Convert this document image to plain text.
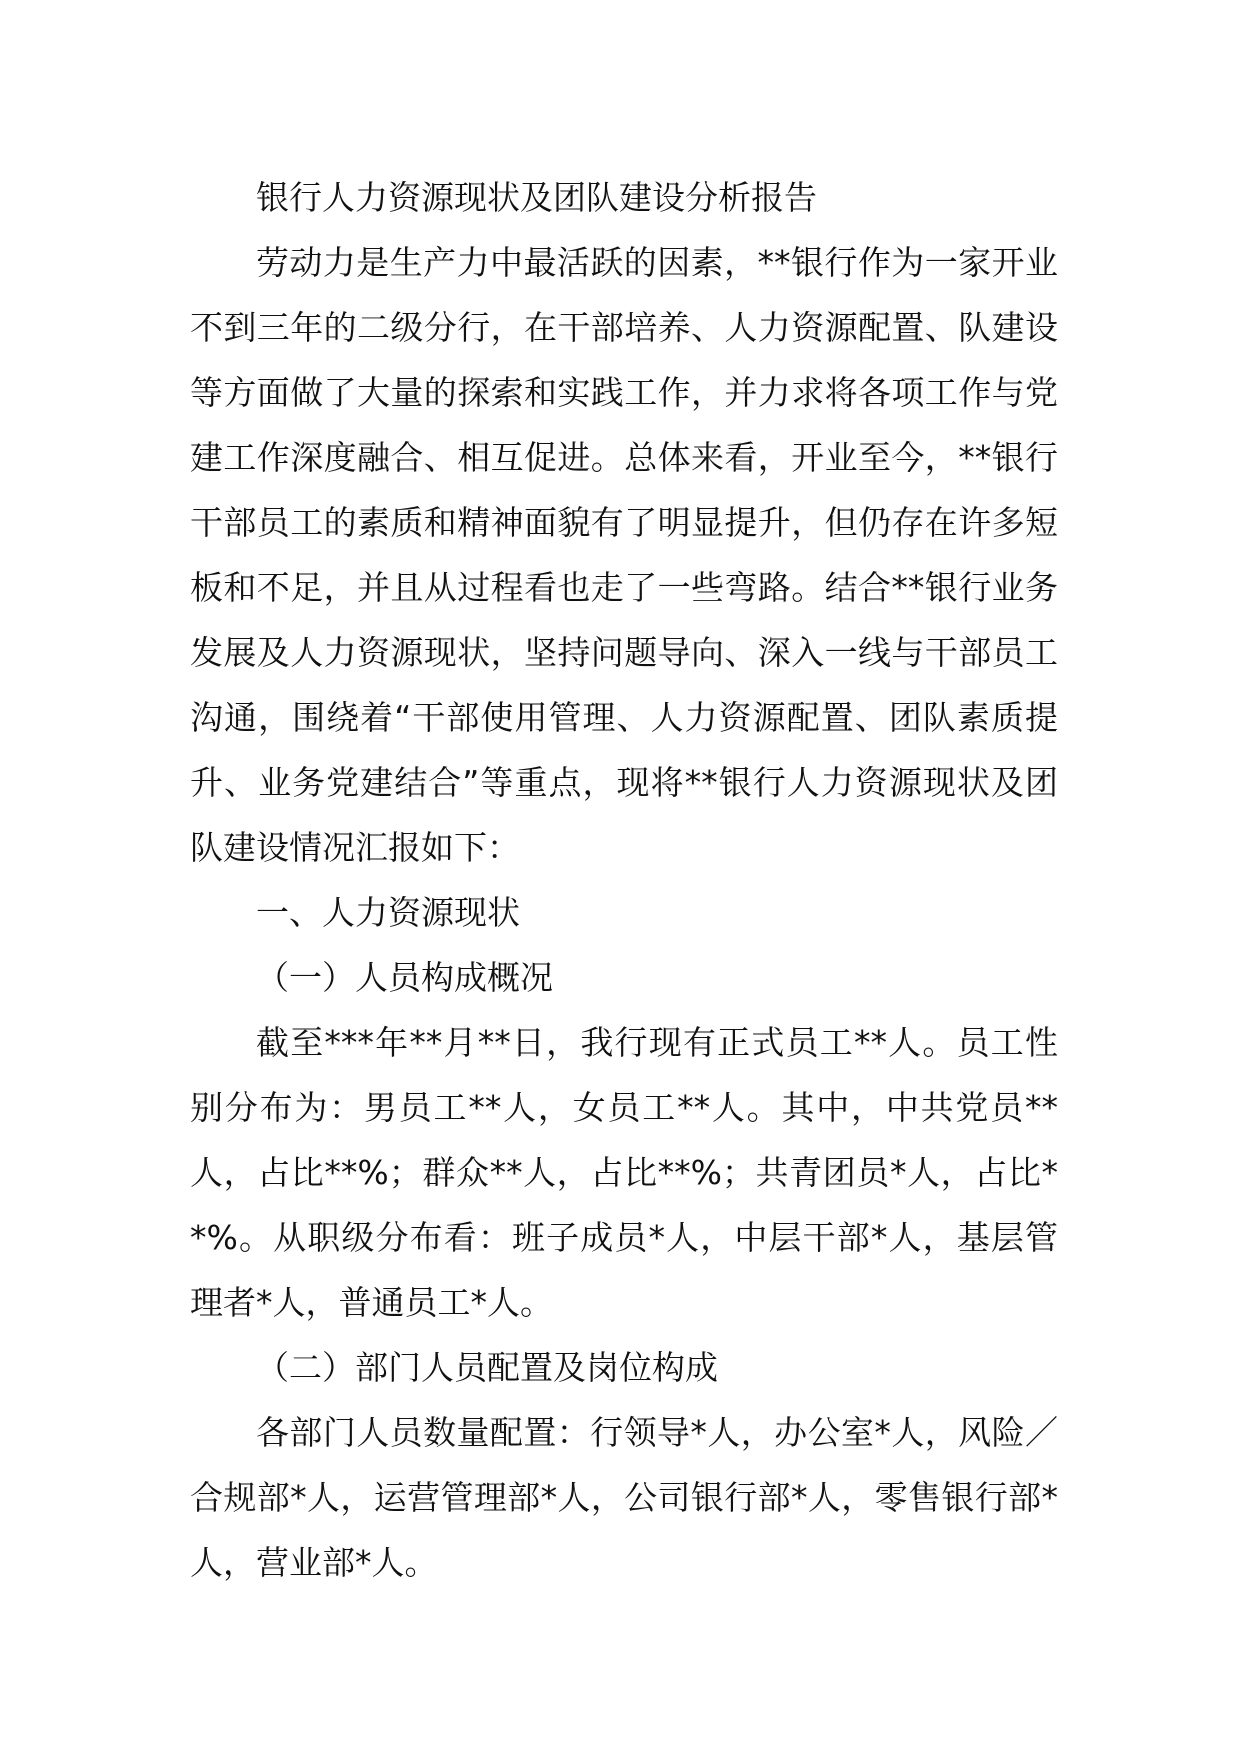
银行人力资源现状及团队建设分析报告

劳动力是生产力中最活跃的因素，**银行作为一家开业不到三年的二级分行，在干部培养、人力资源配置、队建设等方面做了大量的探索和实践工作，并力求将各项工作与党建工作深度融合、相互促进。总体来看，开业至今，**银行干部员工的素质和精神面貌有了明显提升，但仍存在许多短板和不足，并且从过程看也走了一些弯路。结合**银行业务发展及人力资源现状，坚持问题导向、深入一线与干部员工沟通，围绕着“干部使用管理、人力资源配置、团队素质提升、业务党建结合”等重点，现将**银行人力资源现状及团队建设情况汇报如下：

一、人力资源现状

（一）人员构成概况

截至***年**月**日，我行现有正式员工**人。员工性别分布为：男员工**人，女员工**人。其中，中共党员**人，占比**%；群众**人，占比**%；共青团员*人，占比**%。从职级分布看：班子成员*人，中层干部*人，基层管理者*人，普通员工*人。

（二）部门人员配置及岗位构成

各部门人员数量配置：行领导*人，办公室*人，风险／合规部*人，运营管理部*人，公司银行部*人，零售银行部*人，营业部*人。
